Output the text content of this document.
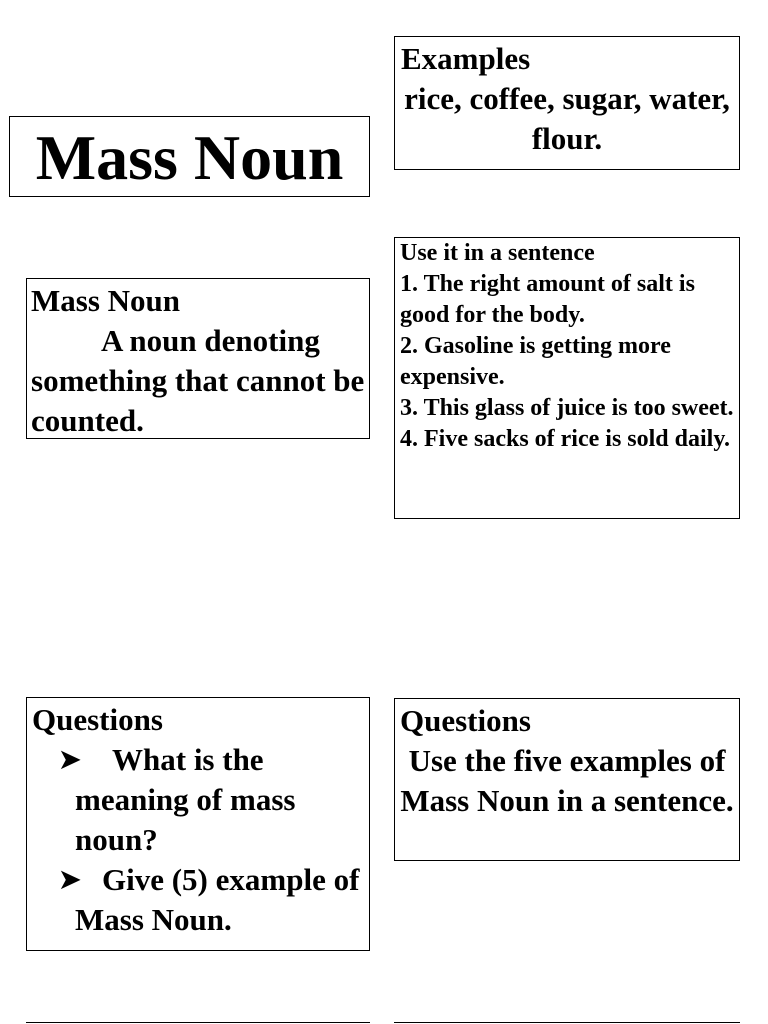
Mass Noun
Examples
rice, coffee, sugar, water, flour.
Mass Noun
A noun denoting something that cannot be counted.
Use it in a sentence
1. The right amount of salt is good for the body.
2. Gasoline is getting more expensive.
3. This glass of juice is too sweet.
4. Five sacks of rice is sold daily.
Questions
➤	What is the meaning of mass noun?
➤ Give (5) example of Mass Noun.
Questions
Use the five examples of Mass Noun in a sentence.
